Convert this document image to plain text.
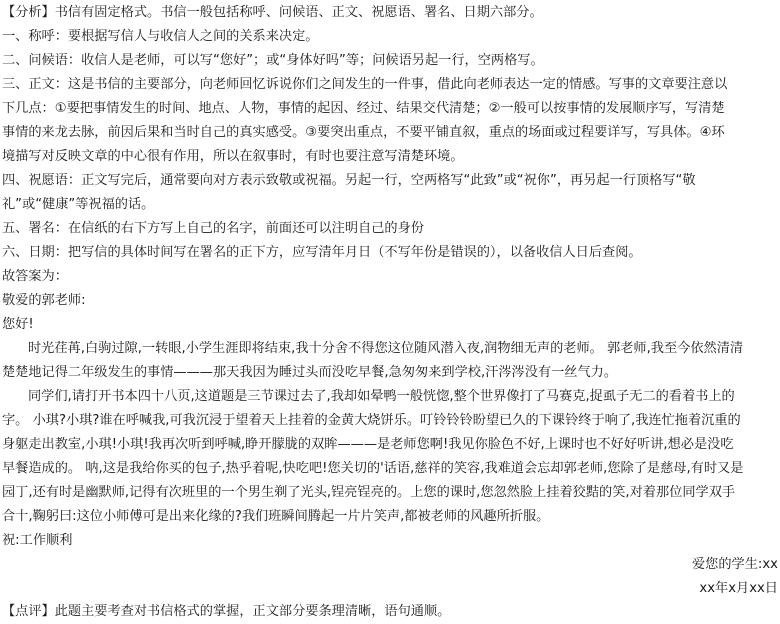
【分析】书信有固定格式。书信一般包括称呼、问候语、正文、祝愿语、署名、日期六部分。
一、称呼：要根据写信人与收信人之间的关系来决定。
二、问候语：收信人是老师，可以写“您好”；或“身体好吗”等；问候语另起一行，空两格写。
三、正文：这是书信的主要部分，向老师回忆诉说你们之间发生的一件事，借此向老师表达一定的情感。写事的文章要注意以
下几点：①要把事情发生的时间、地点、人物，事情的起因、经过、结果交代清楚；②一般可以按事情的发展顺序写，写清楚
事情的来龙去脉，前因后果和当时自己的真实感受。③要突出重点，不要平铺直叙，重点的场面或过程要详写，写具体。④环
境描写对反映文章的中心很有作用，所以在叙事时，有时也要注意写清楚环境。
四、祝愿语：正文写完后，通常要向对方表示致敬或祝福。另起一行，空两格写“此致”或“祝你”，再另起一行顶格写“敬
礼”或“健康”等祝福的话。
五、署名：在信纸的右下方写上自己的名字，前面还可以注明自己的身份
六、日期：把写信的具体时间写在署名的正下方，应写清年月日（不写年份是错误的），以备收信人日后查阅。
故答案为：
敬爱的郭老师:
您好!
时光荏苒,白驹过隙,一转眼,小学生涯即将结束,我十分舍不得您这位随风潜入夜,润物细无声的老师。 郭老师,我至今依然清清
楚楚地记得二年级发生的事情———那天我因为睡过头而没吃早餐,急匆匆来到学校,汗涔涔没有一丝气力。
同学们,请打开书本四十八页,这道题是三节课过去了,我却如晕鸭一般恍惚,整个世界像打了马赛克,捉虱子无二的看着书上的
字。 小琪?小琪?谁在呼喊我,可我沉浸于望着天上挂着的金黄大烧饼乐。叮铃铃铃盼望已久的下课铃终于响了,我连忙拖着沉重的
身躯走出教室,小琪!小琪!我再次听到呼喊,睁开朦胧的双眸———是老师您啊!我见你脸色不好,上课时也不好好听讲,想必是没吃
早餐造成的。 呐,这是我给你买的包子,热乎着呢,快吃吧!您关切的'话语,慈祥的笑容,我难道会忘却郭老师,您除了是慈母,有时又是
园丁,还有时是幽默师,记得有次班里的一个男生剃了光头,锃亮锃亮的。上您的课时,您忽然脸上挂着狡黠的笑,对着那位同学双手
合十,鞠躬曰:这位小师傅可是出来化缘的?我们班瞬间腾起一片片笑声,都被老师的风趣所折服。
祝:工作顺利
爱您的学生:xx
xx年x月xx日
【点评】此题主要考查对书信格式的掌握，正文部分要条理清晰，语句通顺。
